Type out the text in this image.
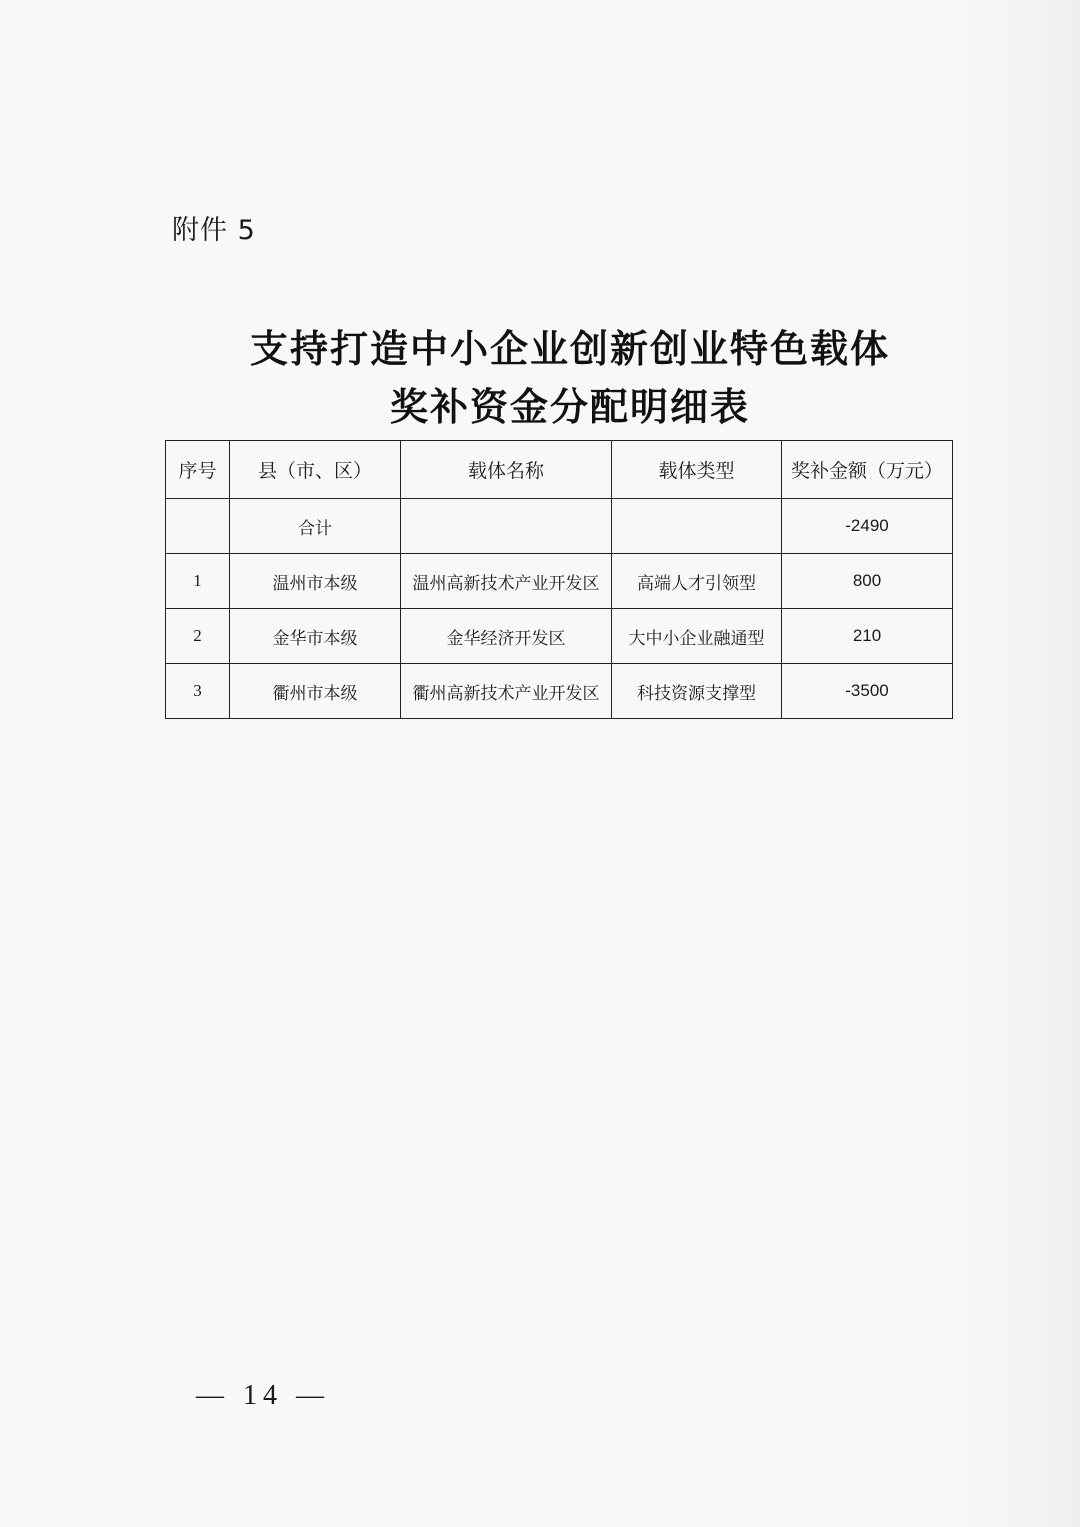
附件 5
支持打造中小企业创新创业特色载体
奖补资金分配明细表
序号	县（市、区）	载体名称	载体类型	奖补金额（万元）
	合计			-2490
1	温州市本级	温州高新技术产业开发区	高端人才引领型	800
2	金华市本级	金华经济开发区	大中小企业融通型	210
3	衢州市本级	衢州高新技术产业开发区	科技资源支撑型	-3500
— 14 —
